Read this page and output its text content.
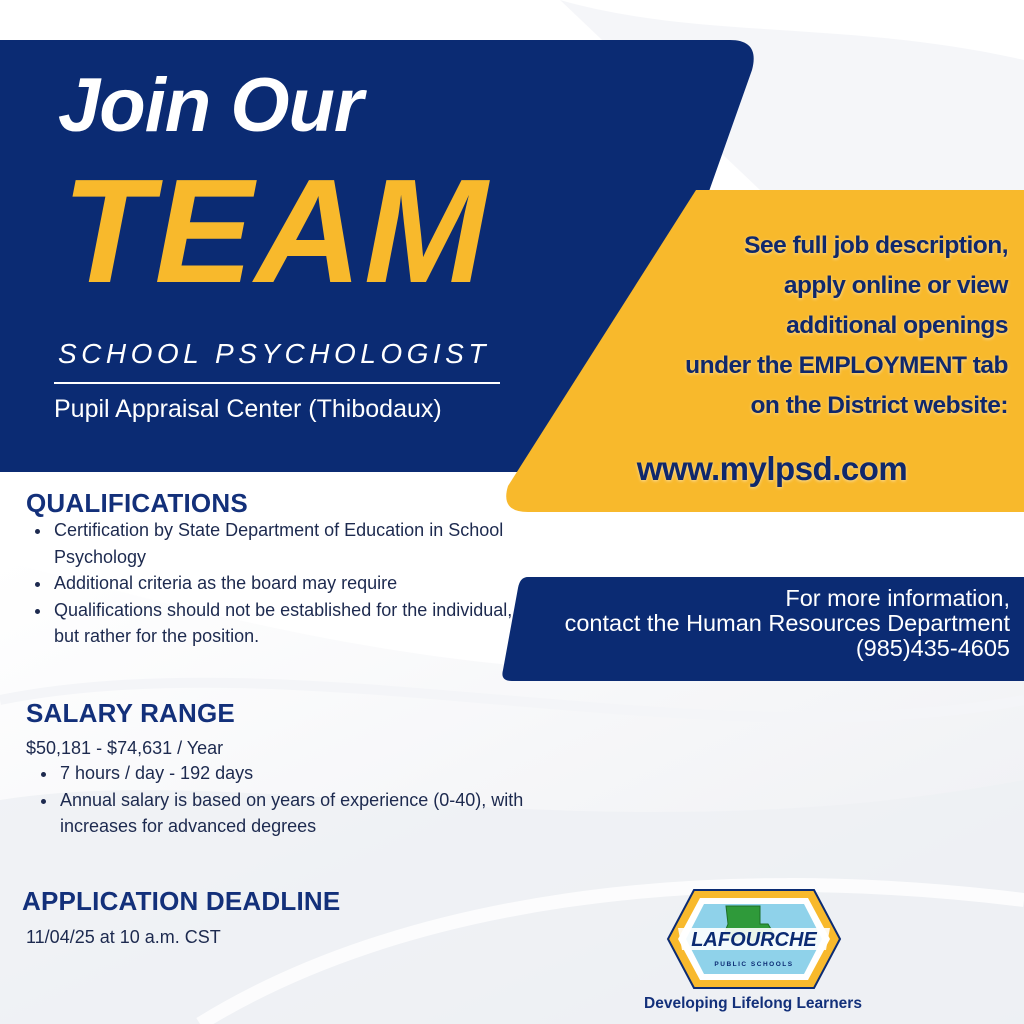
Join Our
TEAM
SCHOOL PSYCHOLOGIST
Pupil Appraisal Center (Thibodaux)
See full job description,
apply online or view
additional openings
under the EMPLOYMENT tab
on the District website:
www.mylpsd.com
For more information,
contact the Human Resources Department
(985)435-4605
QUALIFICATIONS
• Certification by State Department of Education in School Psychology
• Additional criteria as the board may require
• Qualifications should not be established for the individual, but rather for the position.
SALARY RANGE
$50,181 - $74,631 / Year
• 7 hours / day - 192 days
• Annual salary is based on years of experience (0-40), with increases for advanced degrees
APPLICATION DEADLINE
11/04/25 at 10 a.m. CST	LAFOURCHE
PUBLIC SCHOOLS
Developing Lifelong Learners
